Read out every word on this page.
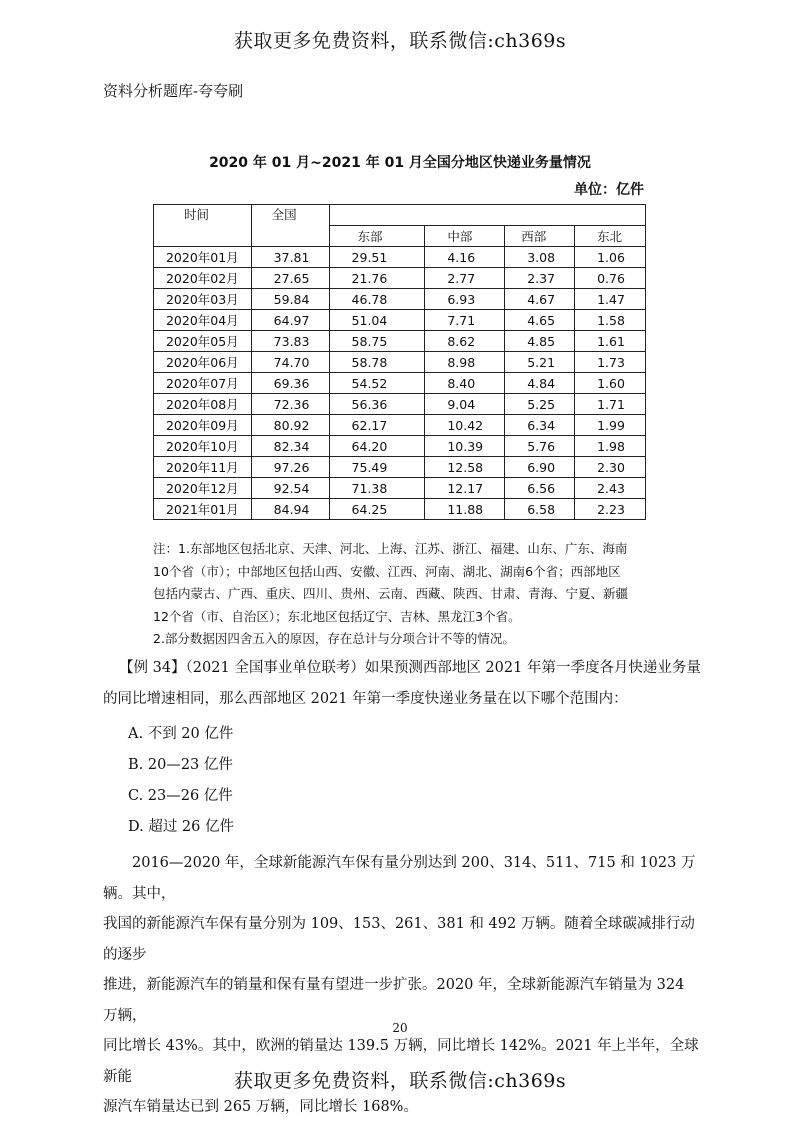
获取更多免费资料，联系微信:ch369s
资料分析题库-夸夸刷
2020 年 01 月~2021 年 01 月全国分地区快递业务量情况
单位：亿件
时间	全国				
		东部	中部	西部	东北
2020年01月	37.81	29.51	4.16	3.08	1.06
2020年02月	27.65	21.76	2.77	2.37	0.76
2020年03月	59.84	46.78	6.93	4.67	1.47
2020年04月	64.97	51.04	7.71	4.65	1.58
2020年05月	73.83	58.75	8.62	4.85	1.61
2020年06月	74.70	58.78	8.98	5.21	1.73
2020年07月	69.36	54.52	8.40	4.84	1.60
2020年08月	72.36	56.36	9.04	5.25	1.71
2020年09月	80.92	62.17	10.42	6.34	1.99
2020年10月	82.34	64.20	10.39	5.76	1.98
2020年11月	97.26	75.49	12.58	6.90	2.30
2020年12月	92.54	71.38	12.17	6.56	2.43
2021年01月	84.94	64.25	11.88	6.58	2.23

注：1.东部地区包括北京、天津、河北、上海、江苏、浙江、福建、山东、广东、海南

10个省（市）；中部地区包括山西、安徽、江西、河南、湖北、湖南6个省；西部地区

包括内蒙古、广西、重庆、四川、贵州、云南、西藏、陕西、甘肃、青海、宁夏、新疆

12个省（市、自治区）；东北地区包括辽宁、吉林、黑龙江3个省。

2.部分数据因四舍五入的原因，存在总计与分项合计不等的情况。

【例 34】（2021 全国事业单位联考）如果预测西部地区 2021 年第一季度各月快递业务量

的同比增速相同，那么西部地区 2021 年第一季度快递业务量在以下哪个范围内：

A. 不到 20 亿件

B. 20—23 亿件

C. 23—26 亿件

D. 超过 26 亿件

2016—2020 年，全球新能源汽车保有量分别达到 200、314、511、715 和 1023 万辆。其中，

我国的新能源汽车保有量分别为 109、153、261、381 和 492 万辆。随着全球碳减排行动的逐步

推进，新能源汽车的销量和保有量有望进一步扩张。2020 年，全球新能源汽车销量为 324 万辆，

同比增长 43%。其中，欧洲的销量达 139.5 万辆，同比增长 142%。2021 年上半年，全球新能

源汽车销量达已到 265 万辆，同比增长 168%。

20
获取更多免费资料，联系微信:ch369s
